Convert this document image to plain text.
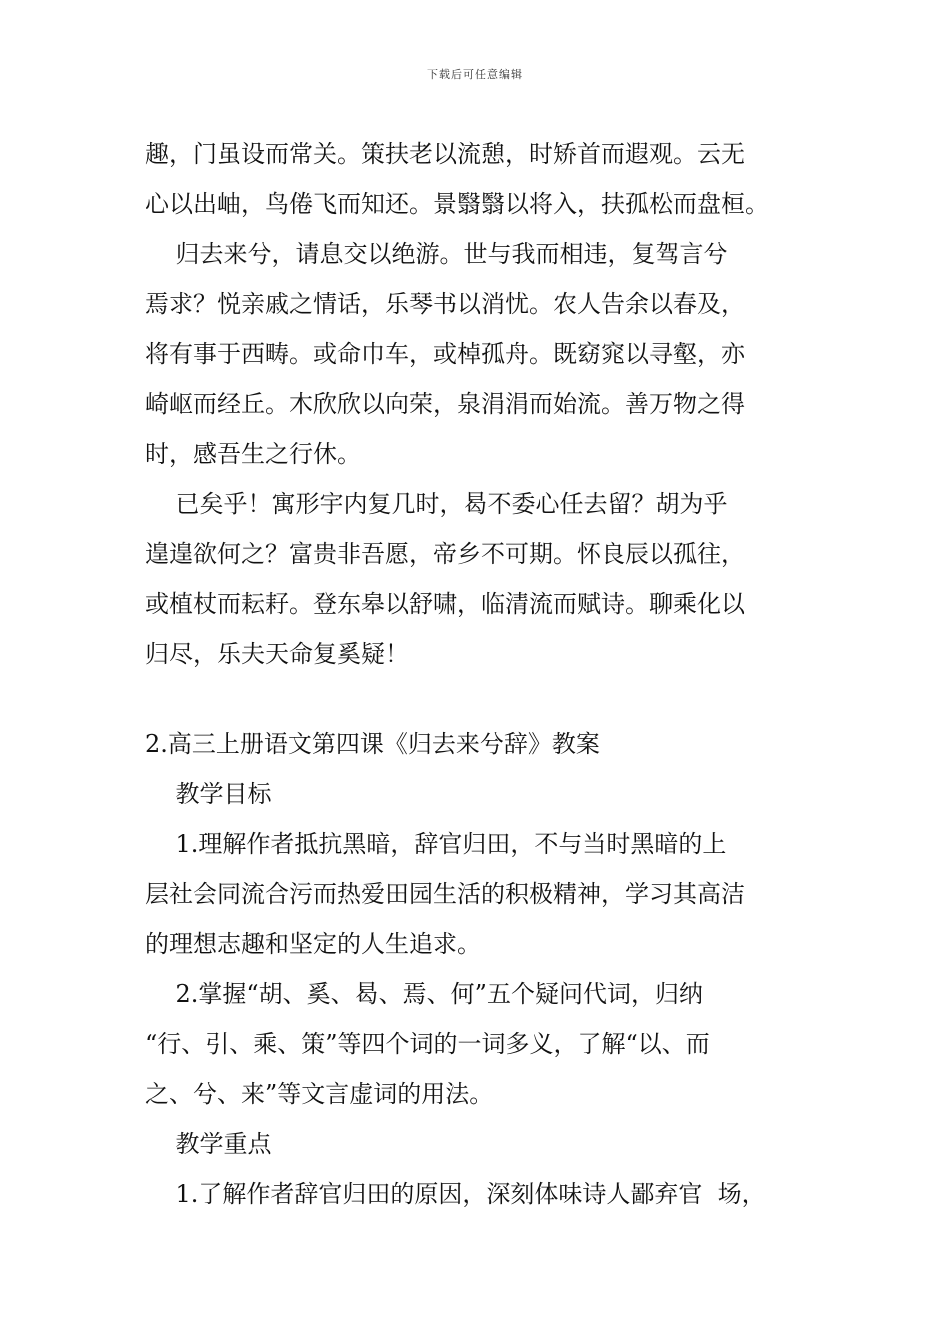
下载后可任意编辑
趣，门虽设而常关。策扶老以流憩，时矫首而遐观。云无
心以出岫，鸟倦飞而知还。景翳翳以将入，扶孤松而盘桓。
归去来兮，请息交以绝游。世与我而相违，复驾言兮
焉求？悦亲戚之情话，乐琴书以消忧。农人告余以春及，
将有事于西畴。或命巾车，或棹孤舟。既窈窕以寻壑，亦
崎岖而经丘。木欣欣以向荣，泉涓涓而始流。善万物之得
时，感吾生之行休。
已矣乎！寓形宇内复几时，曷不委心任去留？胡为乎
遑遑欲何之？富贵非吾愿，帝乡不可期。怀良辰以孤往，
或植杖而耘耔。登东皋以舒啸，临清流而赋诗。聊乘化以
归尽，乐夫天命复奚疑！
2.高三上册语文第四课《归去来兮辞》教案
教学目标
1.理解作者抵抗黑暗，辞官归田，不与当时黑暗的上
层社会同流合污而热爱田园生活的积极精神，学习其高洁
的理想志趣和坚定的人生追求。
2.掌握“胡、奚、曷、焉、何”五个疑问代词，归纳
“行、引、乘、策”等四个词的一词多义，了解“以、而
之、兮、来”等文言虚词的用法。
教学重点
1.了解作者辞官归田的原因，深刻体味诗人鄙弃官  场，
